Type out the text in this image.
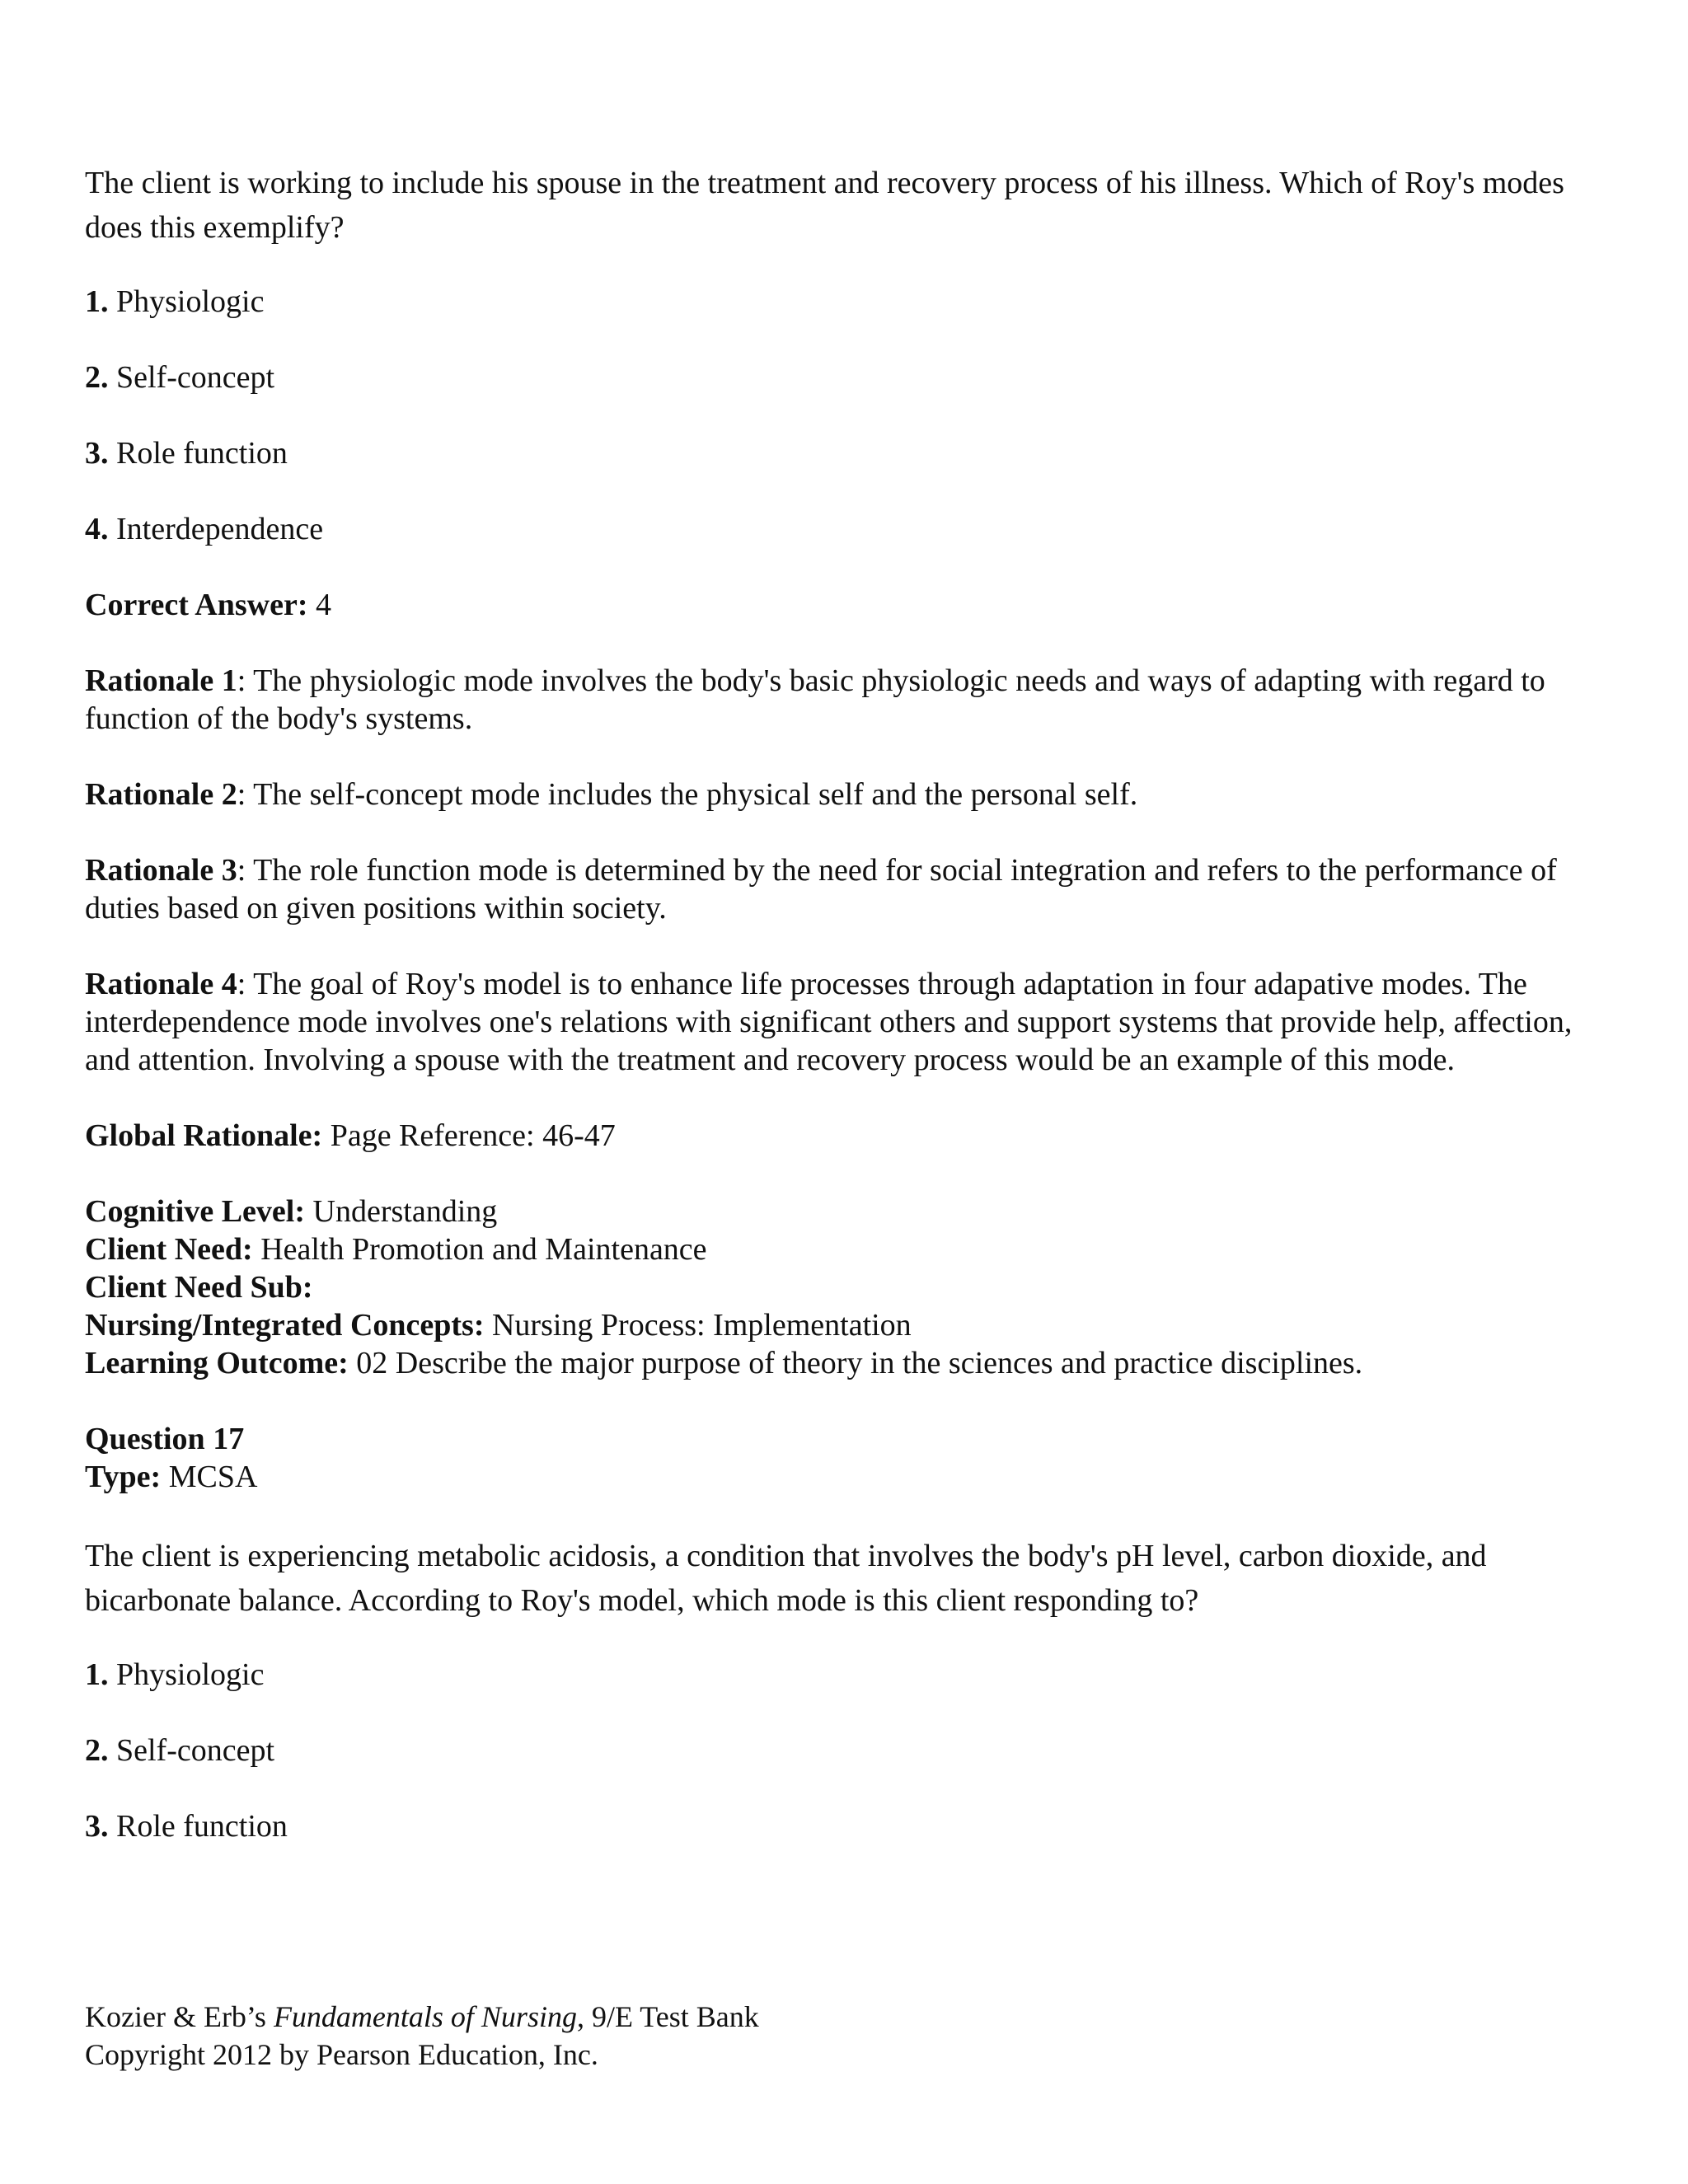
The client is working to include his spouse in the treatment and recovery process of his illness. Which of Roy's modes does this exemplify?

1. Physiologic

2. Self-concept

3. Role function

4. Interdependence

Correct Answer: 4

Rationale 1: The physiologic mode involves the body's basic physiologic needs and ways of adapting with regard to function of the body's systems.

Rationale 2: The self-concept mode includes the physical self and the personal self.

Rationale 3: The role function mode is determined by the need for social integration and refers to the performance of duties based on given positions within society.

Rationale 4: The goal of Roy's model is to enhance life processes through adaptation in four adapative modes. The interdependence mode involves one's relations with significant others and support systems that provide help, affection, and attention. Involving a spouse with the treatment and recovery process would be an example of this mode.

Global Rationale: Page Reference: 46-47

Cognitive Level: Understanding

Client Need: Health Promotion and Maintenance

Client Need Sub:

Nursing/Integrated Concepts: Nursing Process: Implementation

Learning Outcome: 02 Describe the major purpose of theory in the sciences and practice disciplines.

Question 17

Type: MCSA

The client is experiencing metabolic acidosis, a condition that involves the body's pH level, carbon dioxide, and bicarbonate balance. According to Roy's model, which mode is this client responding to?

1. Physiologic

2. Self-concept

3. Role function

Kozier & Erb’s Fundamentals of Nursing, 9/E Test Bank
Copyright 2012 by Pearson Education, Inc.
